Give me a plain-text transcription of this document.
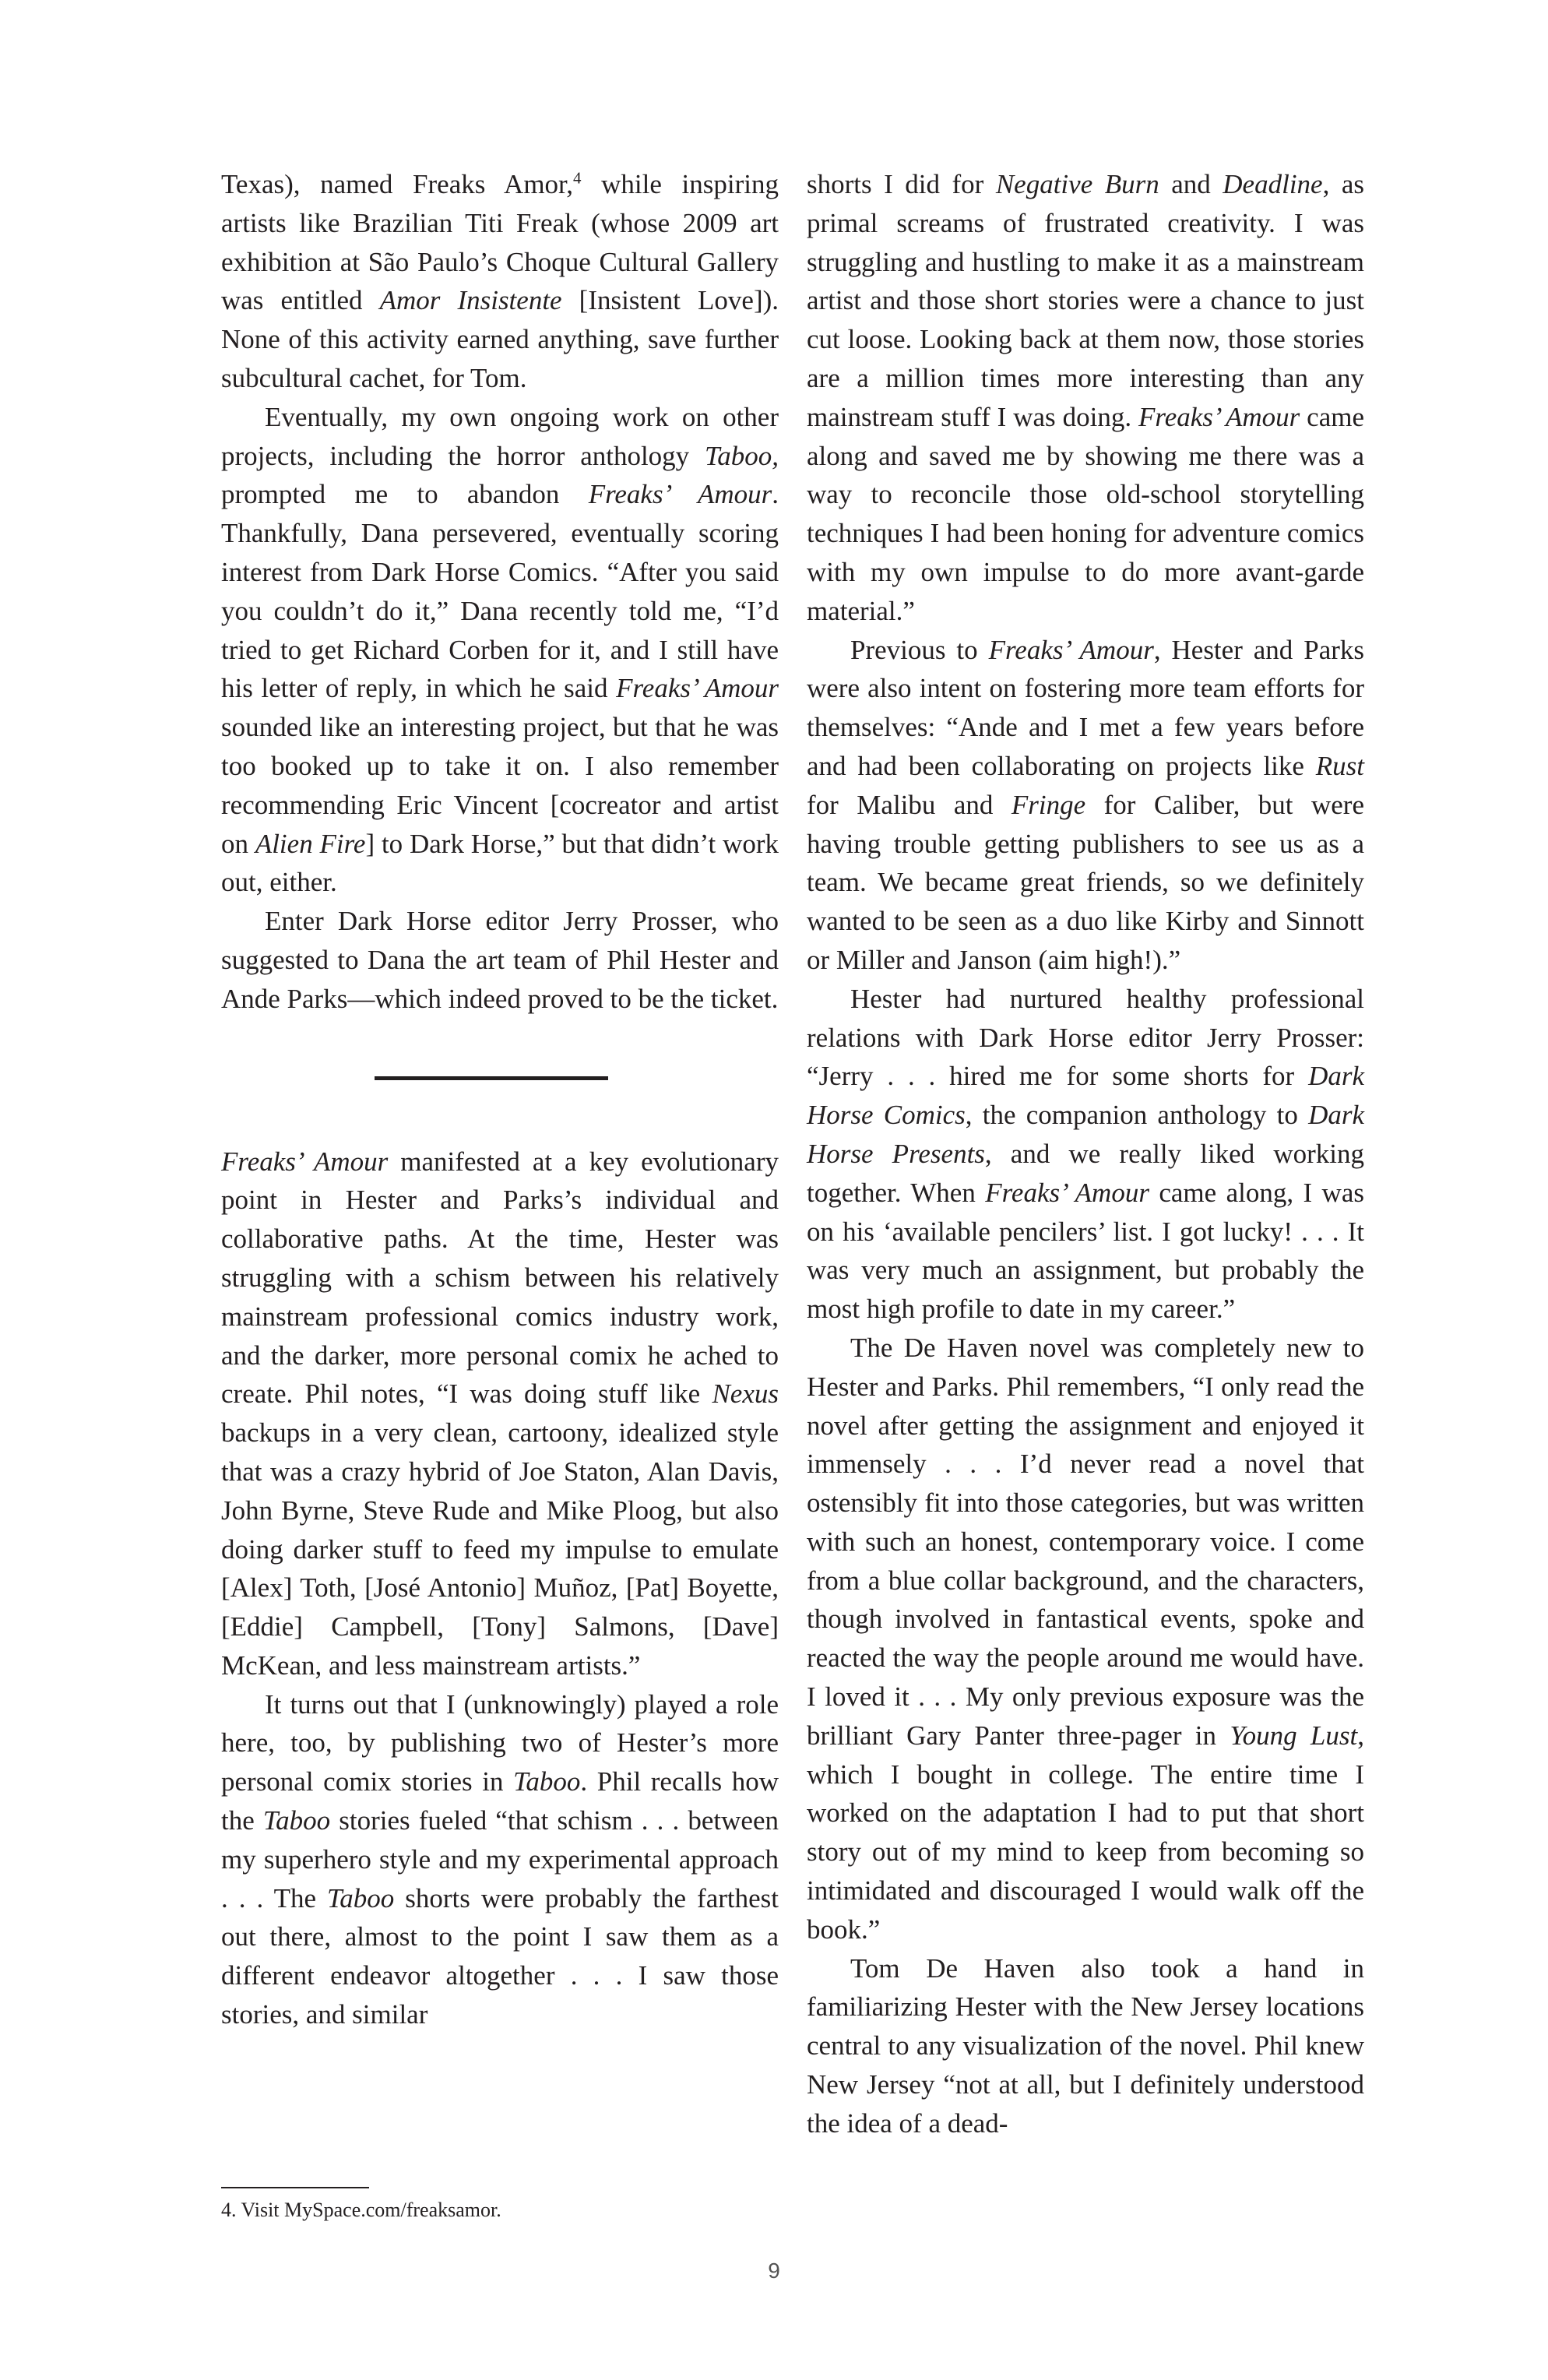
Texas), named Freaks Amor,$^4$ while inspiring artists like Brazilian Titi Freak (whose 2009 art exhibition at São Paulo’s Choque Cultural Gallery was entitled Amor Insistente [Insistent Love]). None of this activity earned anything, save further subcultural cachet, for Tom.

Eventually, my own ongoing work on other projects, including the horror anthology Taboo, prompted me to abandon Freaks’ Amour. Thankfully, Dana persevered, eventually scoring interest from Dark Horse Comics. “After you said you couldn’t do it,” Dana recently told me, “I’d tried to get Richard Corben for it, and I still have his letter of reply, in which he said Freaks’ Amour sounded like an interesting project, but that he was too booked up to take it on. I also remember recommending Eric Vincent [cocreator and artist on Alien Fire] to Dark Horse,” but that didn’t work out, either.

Enter Dark Horse editor Jerry Prosser, who suggested to Dana the art team of Phil Hester and Ande Parks—which indeed proved to be the ticket.

Freaks’ Amour manifested at a key evolutionary point in Hester and Parks’s individual and collaborative paths. At the time, Hester was struggling with a schism between his relatively mainstream professional comics industry work, and the darker, more personal comix he ached to create. Phil notes, “I was doing stuff like Nexus backups in a very clean, cartoony, idealized style that was a crazy hybrid of Joe Staton, Alan Davis, John Byrne, Steve Rude and Mike Ploog, but also doing darker stuff to feed my impulse to emulate [Alex] Toth, [José Antonio] Muñoz, [Pat] Boyette, [Eddie] Campbell, [Tony] Salmons, [Dave] McKean, and less mainstream artists.”

It turns out that I (unknowingly) played a role here, too, by publishing two of Hester’s more personal comix stories in Taboo. Phil recalls how the Taboo stories fueled “that schism . . . between my superhero style and my experimental approach . . . The Taboo shorts were probably the farthest out there, almost to the point I saw them as a different endeavor altogether . . . I saw those stories, and similar

shorts I did for Negative Burn and Deadline, as primal screams of frustrated creativity. I was struggling and hustling to make it as a mainstream artist and those short stories were a chance to just cut loose. Looking back at them now, those stories are a million times more interesting than any mainstream stuff I was doing. Freaks’ Amour came along and saved me by showing me there was a way to reconcile those old-school storytelling techniques I had been honing for adventure comics with my own impulse to do more avant-garde material.”

Previous to Freaks’ Amour, Hester and Parks were also intent on fostering more team efforts for themselves: “Ande and I met a few years before and had been collaborating on projects like Rust for Malibu and Fringe for Caliber, but were having trouble getting publishers to see us as a team. We became great friends, so we definitely wanted to be seen as a duo like Kirby and Sinnott or Miller and Janson (aim high!).”

Hester had nurtured healthy professional relations with Dark Horse editor Jerry Prosser: “Jerry . . . hired me for some shorts for Dark Horse Comics, the companion anthology to Dark Horse Presents, and we really liked working together. When Freaks’ Amour came along, I was on his ‘available pencilers’ list. I got lucky! . . . It was very much an assignment, but probably the most high profile to date in my career.”

The De Haven novel was completely new to Hester and Parks. Phil remembers, “I only read the novel after getting the assignment and enjoyed it immensely . . . I’d never read a novel that ostensibly fit into those categories, but was written with such an honest, contemporary voice. I come from a blue collar background, and the characters, though involved in fantastical events, spoke and reacted the way the people around me would have. I loved it . . . My only previous exposure was the brilliant Gary Panter three-pager in Young Lust, which I bought in college. The entire time I worked on the adaptation I had to put that short story out of my mind to keep from becoming so intimidated and discouraged I would walk off the book.”

Tom De Haven also took a hand in familiarizing Hester with the New Jersey locations central to any visualization of the novel. Phil knew New Jersey “not at all, but I definitely understood the idea of a dead-

4. Visit MySpace.com/freaksamor.
9
